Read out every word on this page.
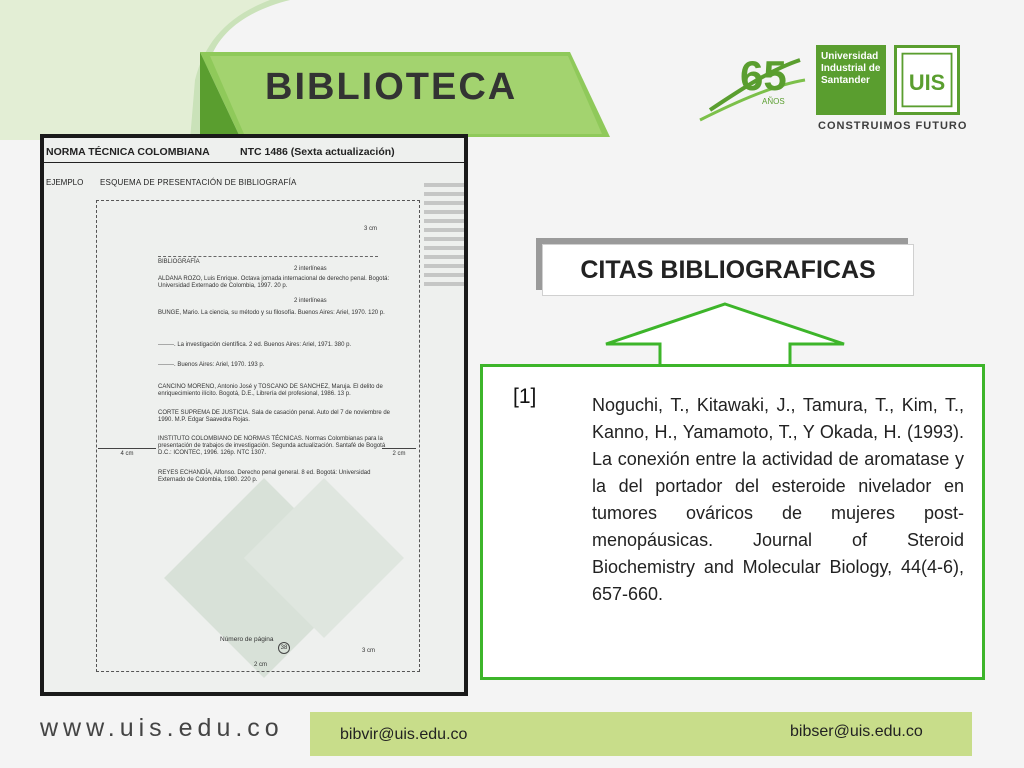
BIBLIOTECA	65
AÑOS
Universidad
Industrial de
Santander	UIS
CONSTRUIMOS FUTURO
NORMA TÉCNICA COLOMBIANA	NTC 1486 (Sexta actualización)
EJEMPLO ESQUEMA DE PRESENTACIÓN DE BIBLIOGRAFÍA
3 cm
BIBLIOGRAFÍA
2 interlíneas
ALDANA ROZO, Luis Enrique. Octava jornada internacional de derecho penal. Bogotá: Universidad Externado de Colombia, 1997. 20 p.
2 interlíneas
BUNGE, Mario. La ciencia, su método y su filosofía. Buenos Aires: Ariel, 1970. 120 p.
--------. La investigación científica. 2 ed. Buenos Aires: Ariel, 1971. 380 p.
--------. Buenos Aires: Ariel, 1970. 193 p.
CANCINO MORENO, Antonio José y TOSCANO DE SANCHEZ, Maruja. El delito de enriquecimiento ilícito. Bogotá, D.E., Librería del profesional, 1986. 13 p.
CORTE SUPREMA DE JUSTICIA. Sala de casación penal. Auto del 7 de noviembre de 1990. M.P. Edgar Saavedra Rojas.
INSTITUTO COLOMBIANO DE NORMAS TÉCNICAS. Normas Colombianas para la presentación de trabajos de investigación. Segunda actualización. Santafé de Bogotá D.C.: ICONTEC, 1996. 126p. NTC 1307.
REYES ECHANDÍA, Alfonso. Derecho penal general. 8 ed. Bogotá: Universidad Externado de Colombia, 1980. 220 p.
4 cm	2 cm
Número de página
38	3 cm
2 cm
CITAS BIBLIOGRAFICAS
[1]	Noguchi, T., Kitawaki, J., Tamura, T., Kim, T., Kanno, H., Yamamoto, T., Y Okada, H. (1993). La conexión entre la actividad de aromatase y la del portador del esteroide nivelador en tumores ováricos de mujeres post-menopáusicas. Journal of Steroid Biochemistry and Molecular Biology, 44(4-6), 657-660.
www.uis.edu.co	bibvir@uis.edu.co	bibser@uis.edu.co
